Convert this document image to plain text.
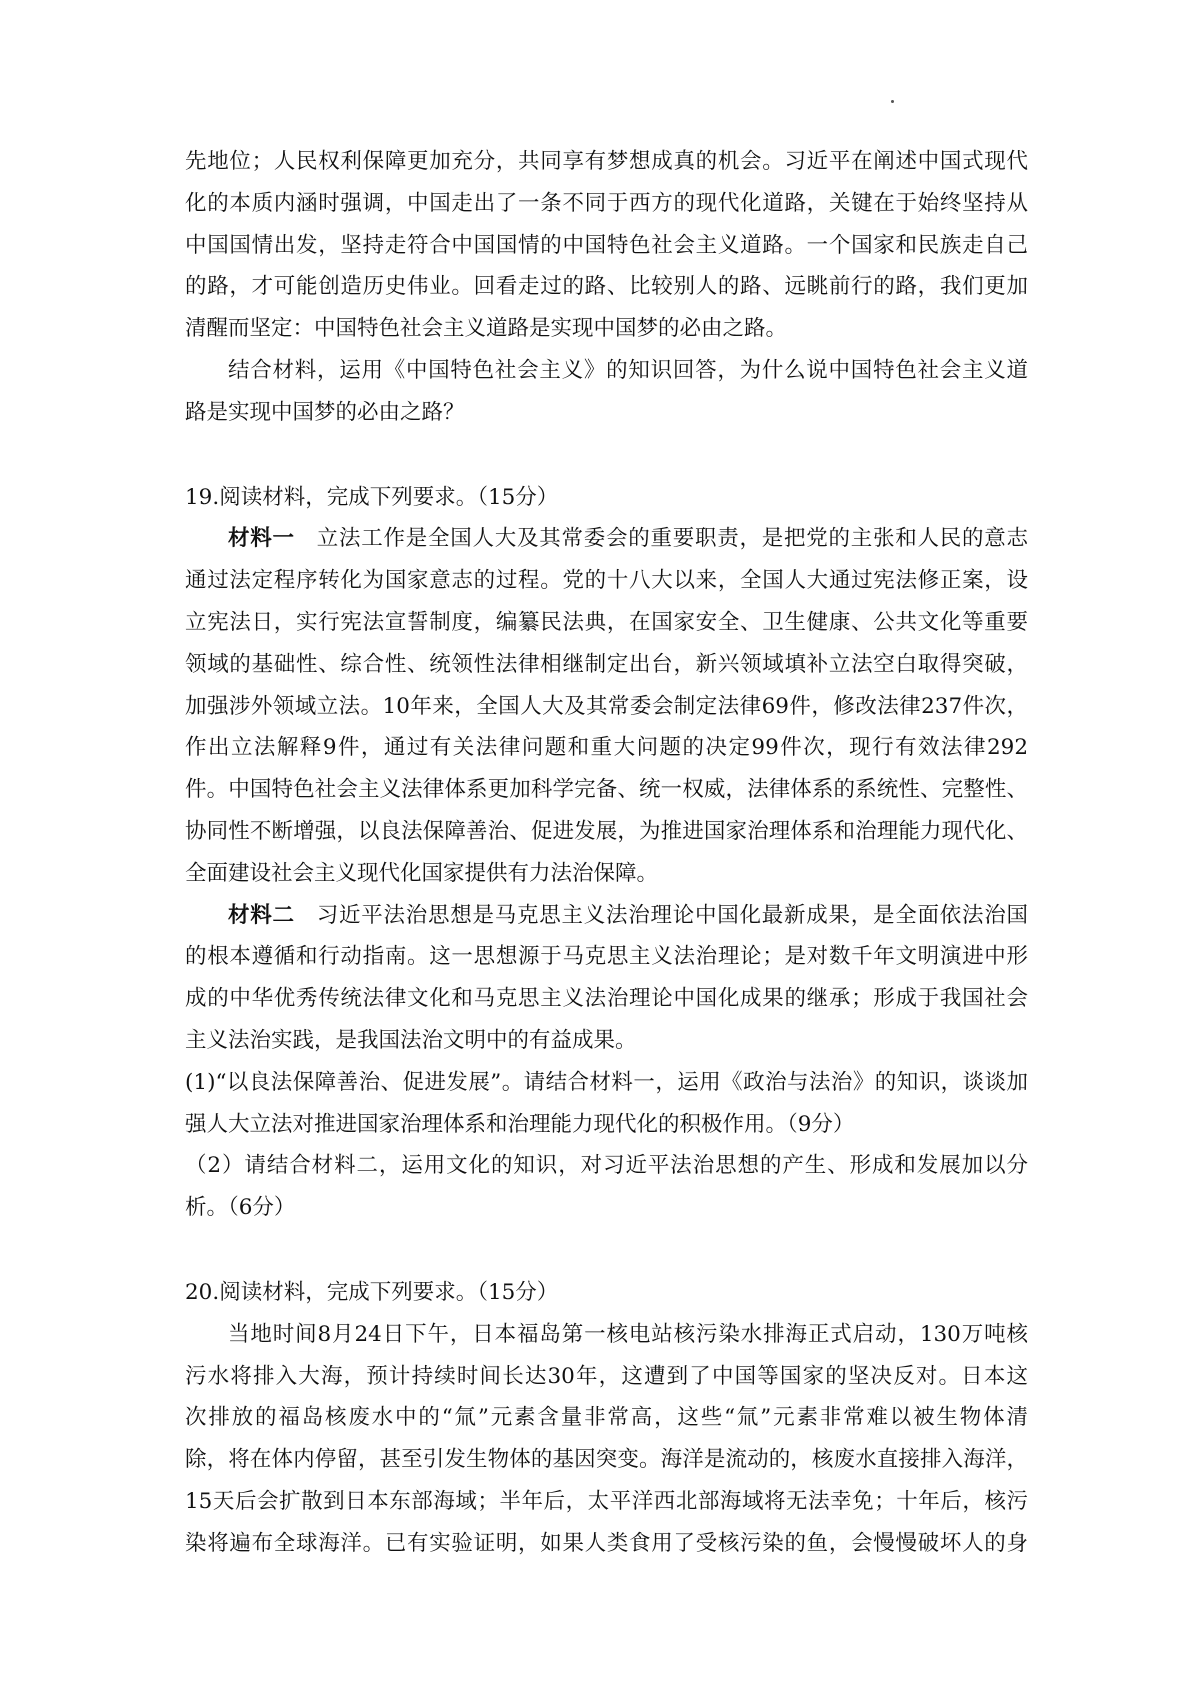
先地位；人民权利保障更加充分，共同享有梦想成真的机会。习近平在阐述中国式现代
化的本质内涵时强调，中国走出了一条不同于西方的现代化道路，关键在于始终坚持从
中国国情出发，坚持走符合中国国情的中国特色社会主义道路。一个国家和民族走自己
的路，才可能创造历史伟业。回看走过的路、比较别人的路、远眺前行的路，我们更加
清醒而坚定：中国特色社会主义道路是实现中国梦的必由之路。
结合材料，运用《中国特色社会主义》的知识回答，为什么说中国特色社会主义道
路是实现中国梦的必由之路？
19.阅读材料，完成下列要求。（15分）
材料一 立法工作是全国人大及其常委会的重要职责，是把党的主张和人民的意志
通过法定程序转化为国家意志的过程。党的十八大以来，全国人大通过宪法修正案，设
立宪法日，实行宪法宣誓制度，编纂民法典，在国家安全、卫生健康、公共文化等重要
领域的基础性、综合性、统领性法律相继制定出台，新兴领域填补立法空白取得突破，
加强涉外领域立法。10年来，全国人大及其常委会制定法律69件，修改法律237件次，
作出立法解释9件，通过有关法律问题和重大问题的决定99件次，现行有效法律292
件。中国特色社会主义法律体系更加科学完备、统一权威，法律体系的系统性、完整性、
协同性不断增强，以良法保障善治、促进发展，为推进国家治理体系和治理能力现代化、
全面建设社会主义现代化国家提供有力法治保障。
材料二 习近平法治思想是马克思主义法治理论中国化最新成果，是全面依法治国
的根本遵循和行动指南。这一思想源于马克思主义法治理论；是对数千年文明演进中形
成的中华优秀传统法律文化和马克思主义法治理论中国化成果的继承；形成于我国社会
主义法治实践，是我国法治文明中的有益成果。
(1)“以良法保障善治、促进发展”。请结合材料一，运用《政治与法治》的知识，谈谈加
强人大立法对推进国家治理体系和治理能力现代化的积极作用。（9分）
（2）请结合材料二，运用文化的知识，对习近平法治思想的产生、形成和发展加以分
析。（6分）
20.阅读材料，完成下列要求。（15分）
当地时间8月24日下午，日本福岛第一核电站核污染水排海正式启动，130万吨核
污水将排入大海，预计持续时间长达30年，这遭到了中国等国家的坚决反对。日本这
次排放的福岛核废水中的“氚”元素含量非常高，这些“氚”元素非常难以被生物体清
除，将在体内停留，甚至引发生物体的基因突变。海洋是流动的，核废水直接排入海洋，
15天后会扩散到日本东部海域；半年后，太平洋西北部海域将无法幸免；十年后，核污
染将遍布全球海洋。已有实验证明，如果人类食用了受核污染的鱼，会慢慢破坏人的身
